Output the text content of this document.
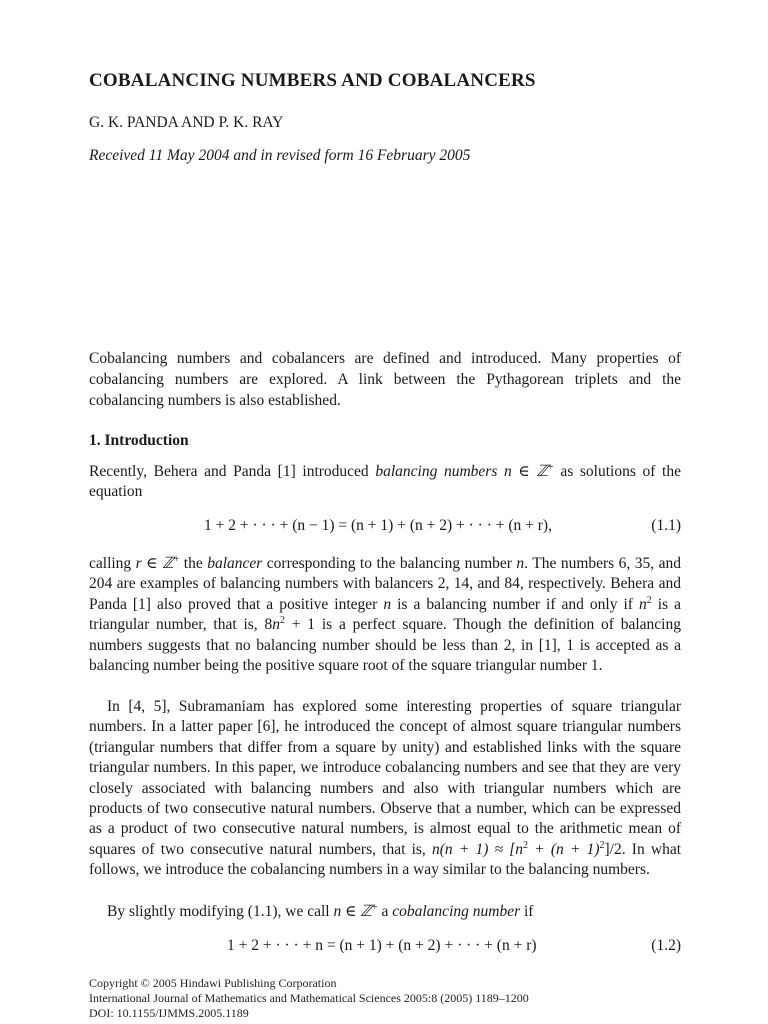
COBALANCING NUMBERS AND COBALANCERS
G. K. PANDA AND P. K. RAY
Received 11 May 2004 and in revised form 16 February 2005
Cobalancing numbers and cobalancers are defined and introduced. Many properties of cobalancing numbers are explored. A link between the Pythagorean triplets and the cobalancing numbers is also established.
1. Introduction
Recently, Behera and Panda [1] introduced balancing numbers n ∈ ℤ+ as solutions of the equation
1 + 2 + · · · + (n − 1) = (n + 1) + (n + 2) + · · · + (n + r),	(1.1)
calling r ∈ ℤ+ the balancer corresponding to the balancing number n. The numbers 6, 35, and 204 are examples of balancing numbers with balancers 2, 14, and 84, respectively. Behera and Panda [1] also proved that a positive integer n is a balancing number if and only if $n^2$ is a triangular number, that is, $8n^2 + 1$ is a perfect square. Though the definition of balancing numbers suggests that no balancing number should be less than 2, in [1], 1 is accepted as a balancing number being the positive square root of the square triangular number 1.
In [4, 5], Subramaniam has explored some interesting properties of square triangular numbers. In a latter paper [6], he introduced the concept of almost square triangular numbers (triangular numbers that differ from a square by unity) and established links with the square triangular numbers. In this paper, we introduce cobalancing numbers and see that they are very closely associated with balancing numbers and also with triangular numbers which are products of two consecutive natural numbers. Observe that a number, which can be expressed as a product of two consecutive natural numbers, is almost equal to the arithmetic mean of squares of two consecutive natural numbers, that is, $n(n + 1) \approx [n^2 + (n + 1)^2]/2$. In what follows, we introduce the cobalancing numbers in a way similar to the balancing numbers.
By slightly modifying (1.1), we call n ∈ ℤ+ a cobalancing number if
1 + 2 + · · · + n = (n + 1) + (n + 2) + · · · + (n + r)	(1.2)
Copyright © 2005 Hindawi Publishing Corporation
International Journal of Mathematics and Mathematical Sciences 2005:8 (2005) 1189–1200
DOI: 10.1155/IJMMS.2005.1189
